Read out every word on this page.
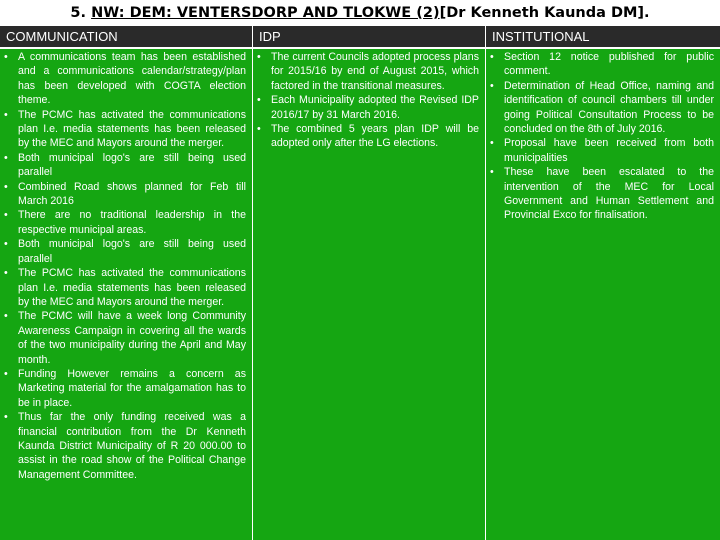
5. NW: DEM: VENTERSDORP AND TLOKWE (2)[Dr Kenneth Kaunda DM].
COMMUNICATION	IDP	INSTITUTIONAL
• A communications team has been established and a communications calendar/strategy/plan has been developed with COGTA election theme.
• The PCMC has activated the communications plan I.e. media statements has been released by the MEC and Mayors around the merger.
• Both municipal logo's are still being used parallel
• Combined Road shows planned for Feb till March 2016
• There are no traditional leadership in the respective municipal areas.
• Both municipal logo's are still being used parallel
• The PCMC has activated the communications plan I.e. media statements has been released by the MEC and Mayors around the merger.
• The PCMC will have a week long Community Awareness Campaign in covering all the wards of the two municipality during the April and May month.
• Funding However remains a concern as Marketing material for the amalgamation has to be in place.
• Thus far the only funding received was a financial contribution from the Dr Kenneth Kaunda District Municipality of R 20 000.00 to assist in the road show of the Political Change Management Committee.
• The current Councils adopted process plans for 2015/16 by end of August 2015, which factored in the transitional measures.
• Each Municipality adopted the Revised IDP 2016/17 by 31 March 2016.
• The combined 5 years plan IDP will be adopted only after the LG elections.
• Section 12 notice published for public comment.
• Determination of Head Office, naming and identification of council chambers till under going Political Consultation Process to be concluded on the 8th of July 2016.
• Proposal have been received from both municipalities
• These have been escalated to the intervention of the MEC for Local Government and Human Settlement and Provincial Exco for finalisation.
